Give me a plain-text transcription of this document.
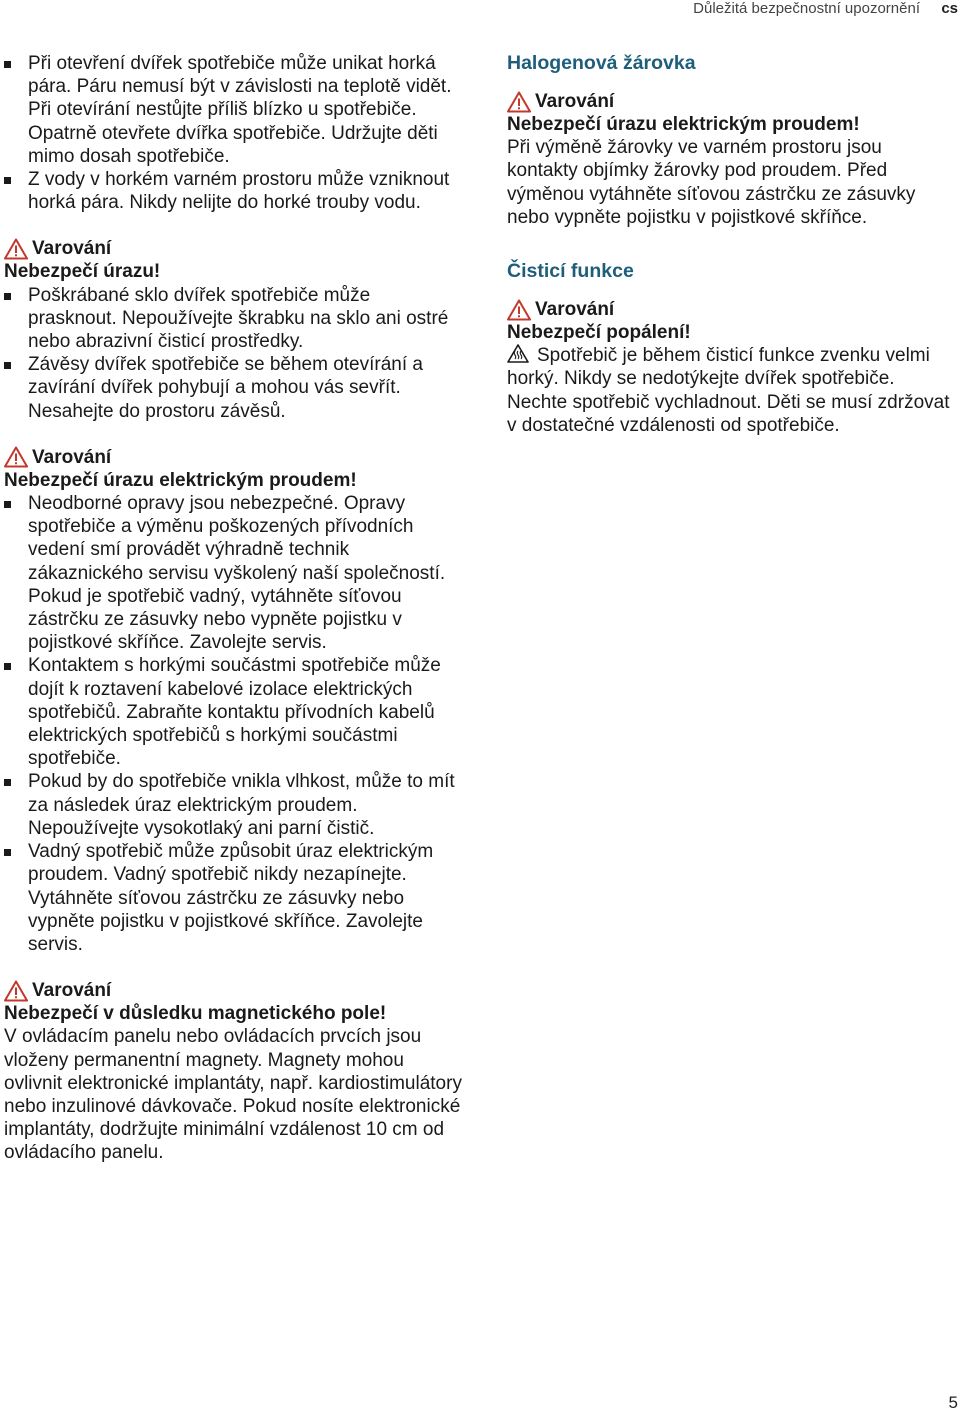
Důležitá bezpečnostní upozornění cs
Při otevření dvířek spotřebiče může unikat horká pára. Páru nemusí být v závislosti na teplotě vidět. Při otevírání nestůjte příliš blízko u spotřebiče. Opatrně otevřete dvířka spotřebiče. Udržujte děti mimo dosah spotřebiče.
Z vody v horkém varném prostoru může vzniknout horká pára. Nikdy nelijte do horké trouby vodu.
Varování
Nebezpečí úrazu!
Poškrábané sklo dvířek spotřebiče může prasknout. Nepoužívejte škrabku na sklo ani ostré nebo abrazivní čisticí prostředky.
Závěsy dvířek spotřebiče se během otevírání a zavírání dvířek pohybují a mohou vás sevřít. Nesahejte do prostoru závěsů.
Varování
Nebezpečí úrazu elektrickým proudem!
Neodborné opravy jsou nebezpečné. Opravy spotřebiče a výměnu poškozených přívodních vedení smí provádět výhradně technik zákaznického servisu vyškolený naší společností. Pokud je spotřebič vadný, vytáhněte síťovou zástrčku ze zásuvky nebo vypněte pojistku v pojistkové skříňce. Zavolejte servis.
Kontaktem s horkými součástmi spotřebiče může dojít k roztavení kabelové izolace elektrických spotřebičů. Zabraňte kontaktu přívodních kabelů elektrických spotřebičů s horkými součástmi spotřebiče.
Pokud by do spotřebiče vnikla vlhkost, může to mít za následek úraz elektrickým proudem. Nepoužívejte vysokotlaký ani parní čistič.
Vadný spotřebič může způsobit úraz elektrickým proudem. Vadný spotřebič nikdy nezapínejte. Vytáhněte síťovou zástrčku ze zásuvky nebo vypněte pojistku v pojistkové skříňce. Zavolejte servis.
Varování
Nebezpečí v důsledku magnetického pole!

V ovládacím panelu nebo ovládacích prvcích jsou vloženy permanentní magnety. Magnety mohou ovlivnit elektronické implantáty, např. kardiostimulátory nebo inzulinové dávkovače. Pokud nosíte elektronické implantáty, dodržujte minimální vzdálenost 10 cm od ovládacího panelu.

Halogenová žárovka
Varování
Nebezpečí úrazu elektrickým proudem!

Při výměně žárovky ve varném prostoru jsou kontakty objímky žárovky pod proudem. Před výměnou vytáhněte síťovou zástrčku ze zásuvky nebo vypněte pojistku v pojistkové skříňce.

Čisticí funkce
Varování
Nebezpečí popálení!

Spotřebič je během čisticí funkce zvenku velmi horký. Nikdy se nedotýkejte dvířek spotřebiče. Nechte spotřebič vychladnout. Děti se musí zdržovat v dostatečné vzdálenosti od spotřebiče.

5
